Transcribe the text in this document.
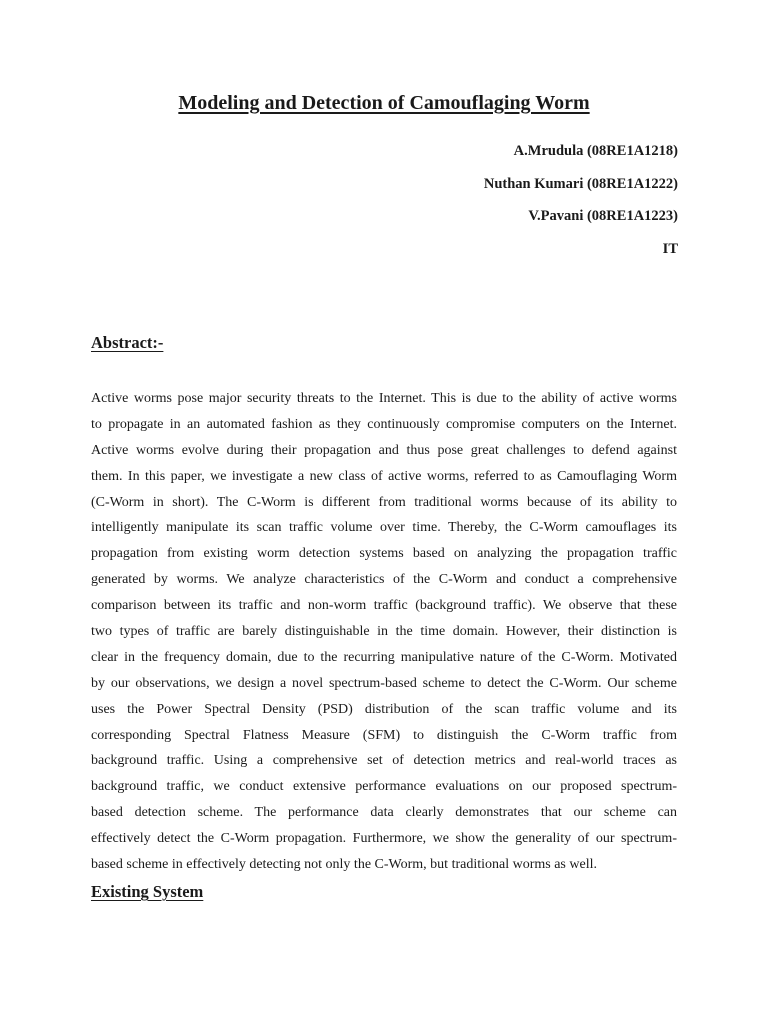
Modeling and Detection of Camouflaging Worm
A.Mrudula (08RE1A1218)
Nuthan Kumari (08RE1A1222)
V.Pavani (08RE1A1223)
IT
Abstract:-
Active worms pose major security threats to the Internet. This is due to the ability of active worms
to propagate in an automated fashion as they continuously compromise computers on the Internet.
Active worms evolve during their propagation and thus pose great challenges to defend against
them. In this paper, we investigate a new class of active worms, referred to as Camouflaging Worm
(C-Worm in short). The C-Worm is different from traditional worms because of its ability to
intelligently manipulate its scan traffic volume over time. Thereby, the C-Worm camouflages its
propagation from existing worm detection systems based on analyzing the propagation traffic
generated by worms. We analyze characteristics of the C-Worm and conduct a comprehensive
comparison between its traffic and non-worm traffic (background traffic). We observe that these
two types of traffic are barely distinguishable in the time domain. However, their distinction is
clear in the frequency domain, due to the recurring manipulative nature of the C-Worm. Motivated
by our observations, we design a novel spectrum-based scheme to detect the C-Worm. Our scheme
uses the Power Spectral Density (PSD) distribution of the scan traffic volume and its
corresponding Spectral Flatness Measure (SFM) to distinguish the C-Worm traffic from
background traffic. Using a comprehensive set of detection metrics and real-world traces as
background traffic, we conduct extensive performance evaluations on our proposed spectrum-
based detection scheme. The performance data clearly demonstrates that our scheme can
effectively detect the C-Worm propagation. Furthermore, we show the generality of our spectrum-
based scheme in effectively detecting not only the C-Worm, but traditional worms as well.
Existing System
